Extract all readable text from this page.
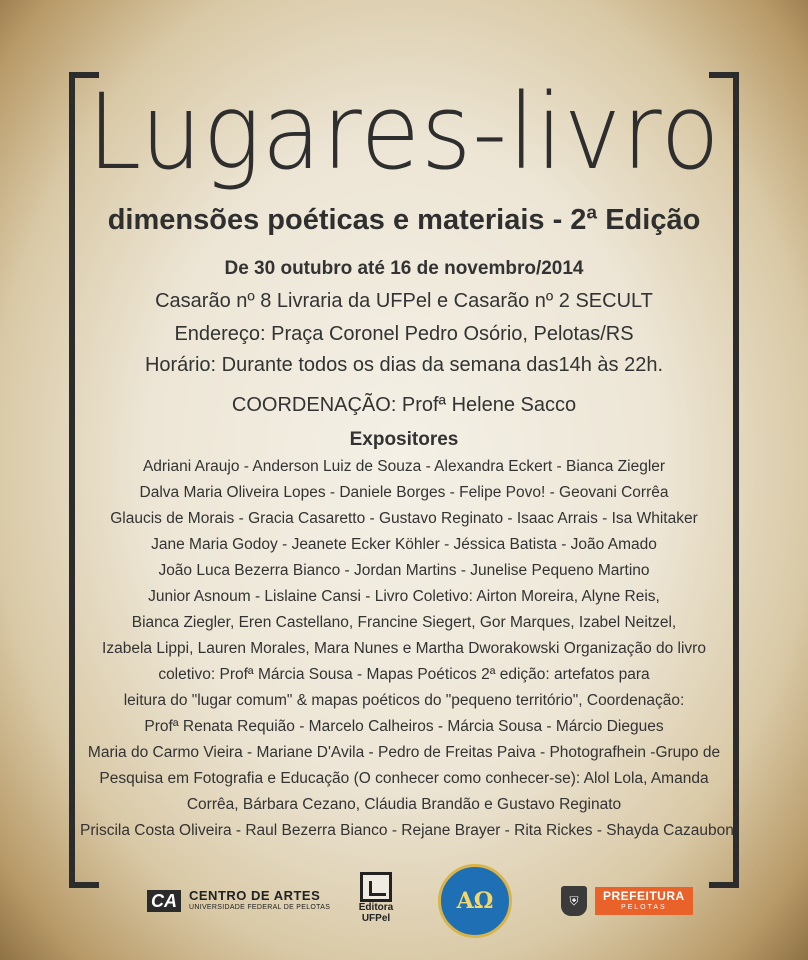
Lugares-livro
dimensões poéticas e materiais - 2ª Edição
De 30 outubro até 16 de novembro/2014
Casarão nº 8 Livraria da UFPel e Casarão nº 2 SECULT
Endereço: Praça Coronel Pedro Osório, Pelotas/RS
Horário: Durante todos os dias da semana das14h às 22h.
COORDENAÇÃO: Profª Helene Sacco
Expositores
Adriani Araujo - Anderson Luiz de Souza - Alexandra Eckert - Bianca Ziegler
Dalva Maria Oliveira Lopes - Daniele Borges - Felipe Povo! - Geovani Corrêa
Glaucis de Morais - Gracia Casaretto - Gustavo Reginato - Isaac Arrais - Isa Whitaker
Jane Maria Godoy - Jeanete Ecker Köhler - Jéssica Batista - João Amado
João Luca Bezerra Bianco - Jordan Martins - Junelise Pequeno Martino
Junior Asnoum - Lislaine Cansi - Livro Coletivo: Airton Moreira, Alyne Reis,
Bianca Ziegler, Eren Castellano, Francine Siegert, Gor Marques, Izabel Neitzel,
Izabela Lippi, Lauren Morales, Mara Nunes e Martha Dworakowski Organização do livro
coletivo: Profª Márcia Sousa - Mapas Poéticos 2ª edição: artefatos para
leitura do "lugar comum" & mapas poéticos do "pequeno território", Coordenação:
Profª Renata Requião - Marcelo Calheiros - Márcia Sousa - Márcio Diegues
Maria do Carmo Vieira - Mariane D'Avila - Pedro de Freitas Paiva - Photografhein -Grupo de
Pesquisa em Fotografia e Educação (O conhecer como conhecer-se): Alol Lola, Amanda
Corrêa, Bárbara Cezano, Cláudia Brandão e Gustavo Reginato
Priscila Costa Oliveira - Raul Bezerra Bianco - Rejane Brayer - Rita Rickes - Shayda Cazaubon
CA CENTRO DE ARTES
UNIVERSIDADE FEDERAL DE PELOTAS	Editora
UFPel
AΩ	⛨	PREFEITURA
PELOTAS
